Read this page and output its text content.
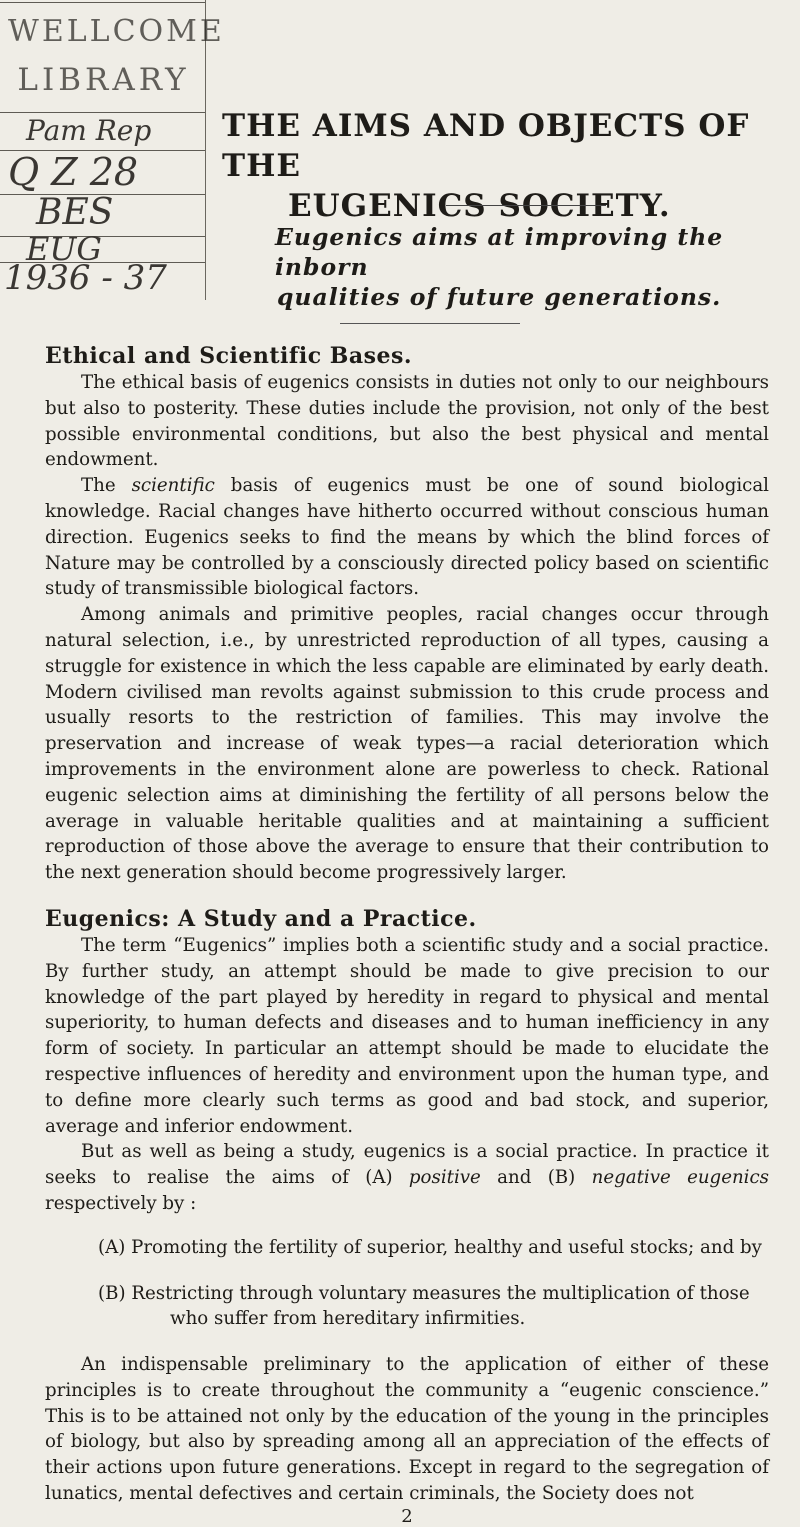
WELLCOME
LIBRARY
Pam Rep
Q Z 28
BES
EUG
1936 - 37
THE AIMS AND OBJECTS OF THE
EUGENICS SOCIETY.
Eugenics aims at improving the inborn
qualities of future generations.
Ethical and Scientific Bases.

The ethical basis of eugenics consists in duties not only to our neighbours but also to posterity. These duties include the provision, not only of the best possible environmental conditions, but also the best physical and mental endowment.

The scientific basis of eugenics must be one of sound biological knowledge. Racial changes have hitherto occurred without conscious human direction. Eugenics seeks to find the means by which the blind forces of Nature may be controlled by a consciously directed policy based on scientific study of transmissible biological factors.

Among animals and primitive peoples, racial changes occur through natural selection, i.e., by unrestricted reproduction of all types, causing a struggle for existence in which the less capable are eliminated by early death. Modern civilised man revolts against submission to this crude process and usually resorts to the restriction of families. This may involve the preservation and increase of weak types—a racial deterioration which improvements in the environment alone are powerless to check. Rational eugenic selection aims at diminishing the fertility of all persons below the average in valuable heritable qualities and at maintaining a sufficient reproduction of those above the average to ensure that their contribution to the next generation should become progressively larger.

Eugenics: A Study and a Practice.

The term “Eugenics” implies both a scientific study and a social practice. By further study, an attempt should be made to give precision to our knowledge of the part played by heredity in regard to physical and mental superiority, to human defects and diseases and to human inefficiency in any form of society. In particular an attempt should be made to elucidate the respective influences of heredity and environment upon the human type, and to define more clearly such terms as good and bad stock, and superior, average and inferior endowment.

But as well as being a study, eugenics is a social practice. In practice it seeks to realise the aims of (A) positive and (B) negative eugenics respectively by :

(A) Promoting the fertility of superior, healthy and useful stocks; and by
(B) Restricting through voluntary measures the multiplication of those who suffer from hereditary infirmities.

An indispensable preliminary to the application of either of these principles is to create throughout the community a “eugenic conscience.” This is to be attained not only by the education of the young in the principles of biology, but also by spreading among all an appreciation of the effects of their actions upon future generations. Except in regard to the segregation of lunatics, mental defectives and certain criminals, the Society does not

2
